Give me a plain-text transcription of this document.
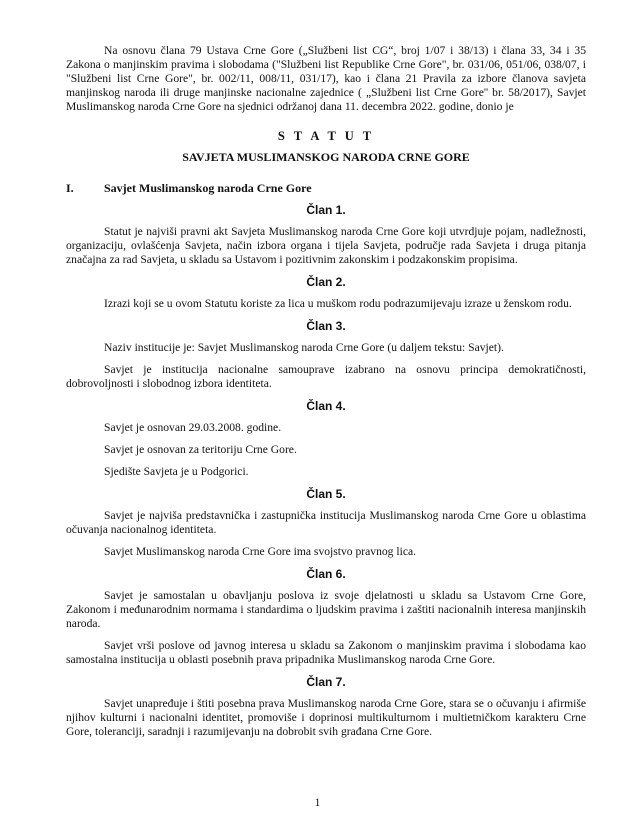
Na osnovu člana 79 Ustava Crne Gore („Službeni list CG“, broj 1/07 i 38/13) i člana 33, 34 i 35 Zakona o manjinskim pravima i slobodama ("Službeni list Republike Crne Gore", br. 031/06, 051/06, 038/07, i "Službeni list Crne Gore", br. 002/11, 008/11, 031/17), kao i člana 21 Pravila za izbore članova savjeta manjinskog naroda ili druge manjinske nacionalne zajednice ( „Službeni list Crne Gore'' br. 58/2017), Savjet Muslimanskog naroda Crne Gore na sjednici održanoj dana 11. decembra 2022. godine, donio je

S T A T U T
SAVJETA MUSLIMANSKOG NARODA CRNE GORE
I.	Savjet Muslimanskog naroda Crne Gore
Član 1.

Statut je najviši pravni akt Savjeta Muslimanskog naroda Crne Gore koji utvrdjuje pojam, nadležnosti, organizaciju, ovlašćenja Savjeta, način izbora organa i tijela Savjeta, područje rada Savjeta i druga pitanja značajna za rad Savjeta, u skladu sa Ustavom i pozitivnim zakonskim i podzakonskim propisima.

Član 2.

Izrazi koji se u ovom Statutu koriste za lica u muškom rodu podrazumijevaju izraze u ženskom rodu.

Član 3.

Naziv institucije je: Savjet Muslimanskog naroda Crne Gore (u daljem tekstu: Savjet).

Savjet je institucija nacionalne samouprave izabrano na osnovu principa demokratičnosti, dobrovoljnosti i slobodnog izbora identiteta.

Član 4.

Savjet je osnovan 29.03.2008. godine.

Savjet je osnovan za teritoriju Crne Gore.

Sjedište Savjeta je u Podgorici.

Član 5.

Savjet je najviša predstavnička i zastupnička institucija Muslimanskog naroda Crne Gore u oblastima očuvanja nacionalnog identiteta.

Savjet Muslimanskog naroda Crne Gore ima svojstvo pravnog lica.

Član 6.

Savjet je samostalan u obavljanju poslova iz svoje djelatnosti u skladu sa Ustavom Crne Gore, Zakonom i međunarodnim normama i standardima o ljudskim pravima i zaštiti nacionalnih interesa manjinskih naroda.

Savjet vrši poslove od javnog interesa u skladu sa Zakonom o manjinskim pravima i slobodama kao samostalna institucija u oblasti posebnih prava pripadnika Muslimanskog naroda Crne Gore.

Član 7.

Savjet unapređuje i štiti posebna prava Muslimanskog naroda Crne Gore, stara se o očuvanju i afirmiše njihov kulturni i nacionalni identitet, promoviše i doprinosi multikulturnom i multietničkom karakteru Crne Gore, toleranciji, saradnji i razumijevanju na dobrobit svih građana Crne Gore.

1
